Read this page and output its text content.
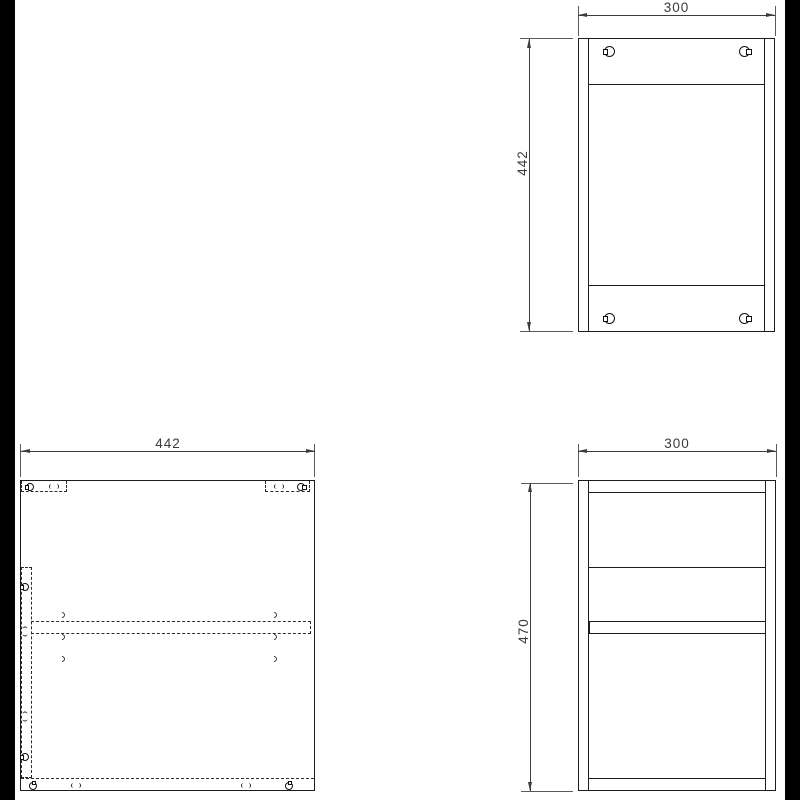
300
442
442	300
470
